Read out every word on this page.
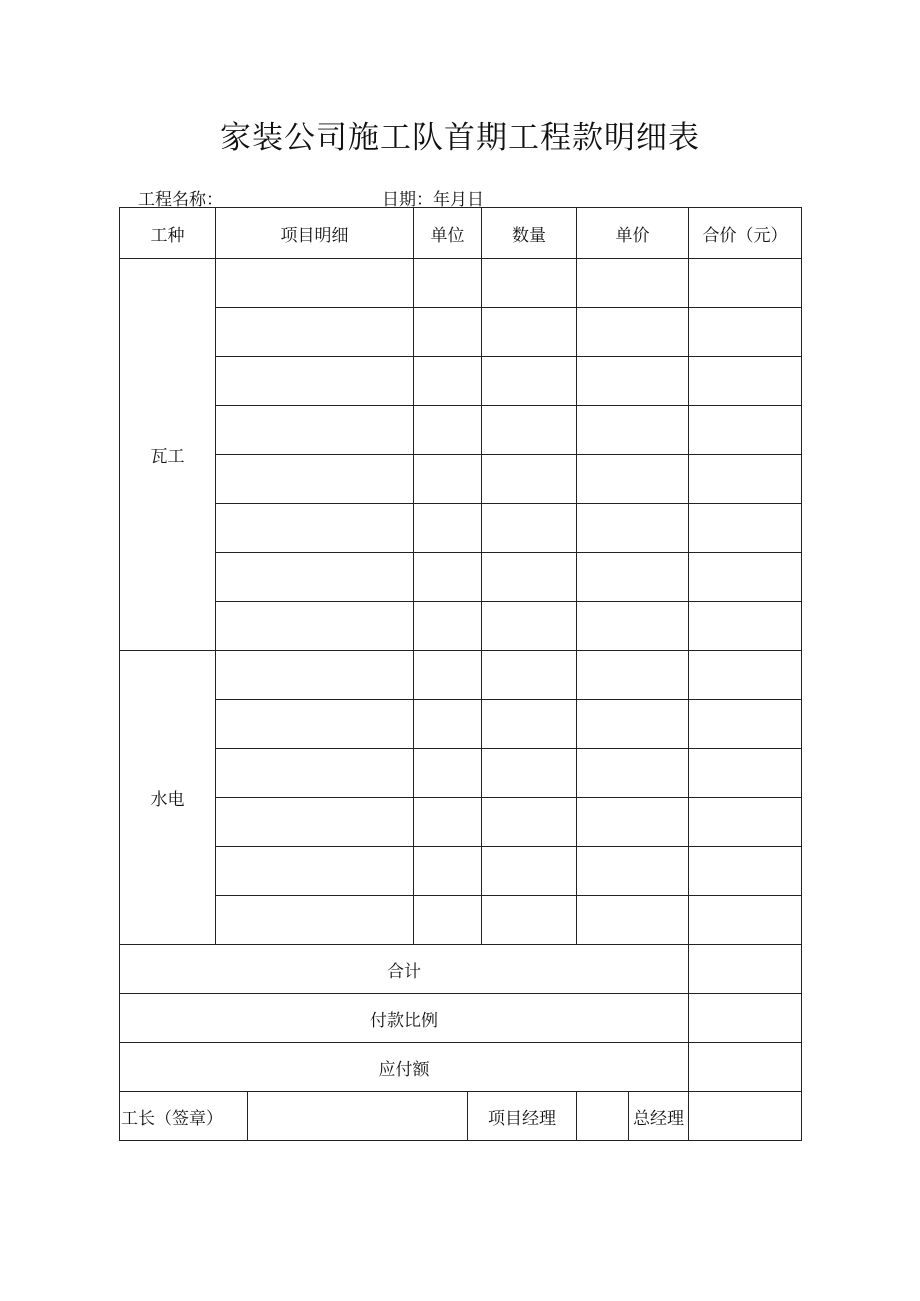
家装公司施工队首期工程款明细表
工程名称：	日期：年月日
工种	项目明细		单位		数量	单价		合价（元）
瓦工								

水电								

合计								
付款比例								
应付额								
工长（签章）				项目经理			总经理	
